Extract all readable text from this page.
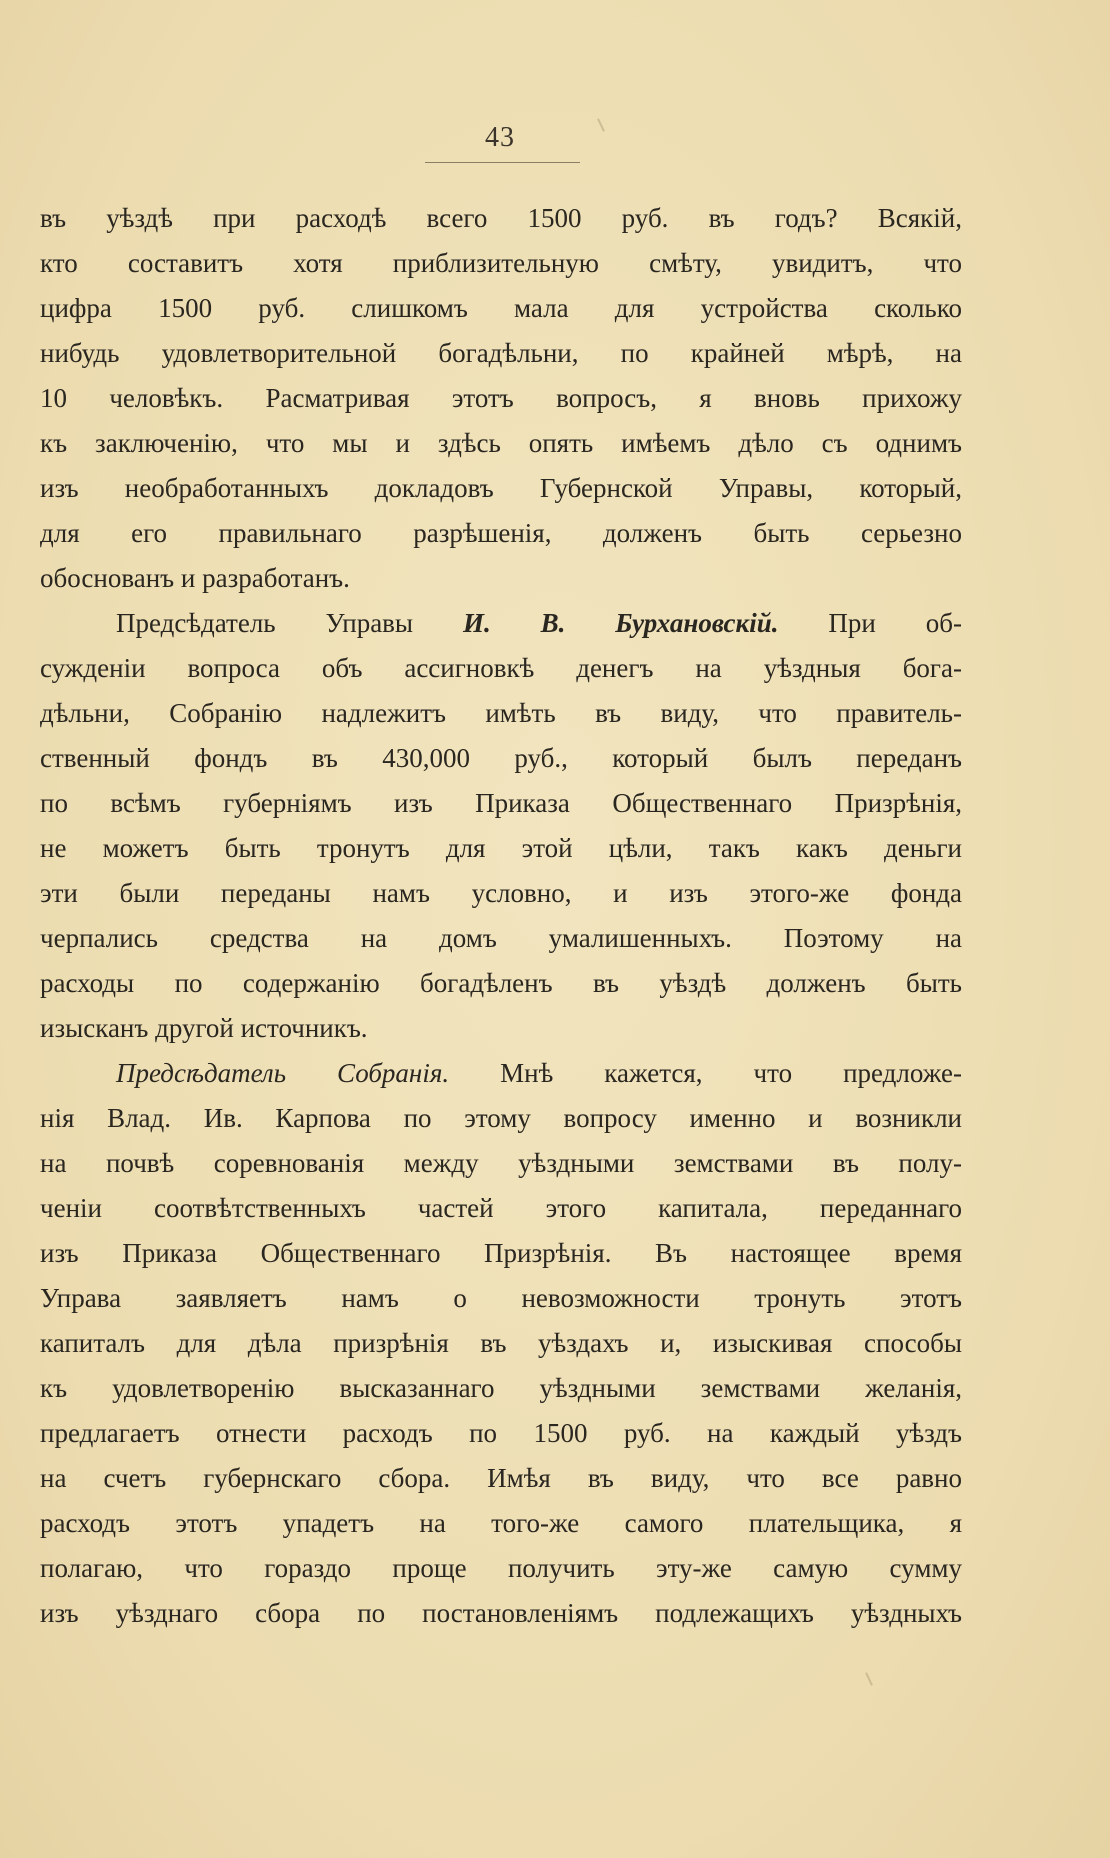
43
въ уѣздѣ при расходѣ всего 1500 руб. въ годъ? Всякій,
кто составитъ хотя приблизительную смѣту, увидитъ, что
цифра 1500 руб. слишкомъ мала для устройства сколько
нибудь удовлетворительной богадѣльни, по крайней мѣрѣ, на
10 человѣкъ. Расматривая этотъ вопросъ, я вновь прихожу
къ заключенію, что мы и здѣсь опять имѣемъ дѣло съ однимъ
изъ необработанныхъ докладовъ Губернской Управы, который,
для его правильнаго разрѣшенія, долженъ быть серьезно
обоснованъ и разработанъ.
Предсѣдатель Управы И. В. Бурхановскій. При об-
сужденіи вопроса объ ассигновкѣ денегъ на уѣздныя бога-
дѣльни, Собранію надлежитъ имѣть въ виду, что правитель-
ственный фондъ въ 430,000 руб., который былъ переданъ
по всѣмъ губерніямъ изъ Приказа Общественнаго Призрѣнія,
не можетъ быть тронутъ для этой цѣли, такъ какъ деньги
эти были переданы намъ условно, и изъ этого-же фонда
черпались средства на домъ умалишенныхъ. Поэтому на
расходы по содержанію богадѣленъ въ уѣздѣ долженъ быть
изысканъ другой источникъ.
Предсѣдатель Собранія. Мнѣ кажется, что предложе-
нія Влад. Ив. Карпова по этому вопросу именно и возникли
на почвѣ соревнованія между уѣздными земствами въ полу-
ченіи соотвѣтственныхъ частей этого капитала, переданнаго
изъ Приказа Общественнаго Призрѣнія. Въ настоящее время
Управа заявляетъ намъ о невозможности тронуть этотъ
капиталъ для дѣла призрѣнія въ уѣздахъ и, изыскивая способы
къ удовлетворенію высказаннаго уѣздными земствами желанія,
предлагаетъ отнести расходъ по 1500 руб. на каждый уѣздъ
на счетъ губернскаго сбора. Имѣя въ виду, что все равно
расходъ этотъ упадетъ на того-же самого плательщика, я
полагаю, что гораздо проще получить эту-же самую сумму
изъ уѣзднаго сбора по постановленіямъ подлежащихъ уѣздныхъ
